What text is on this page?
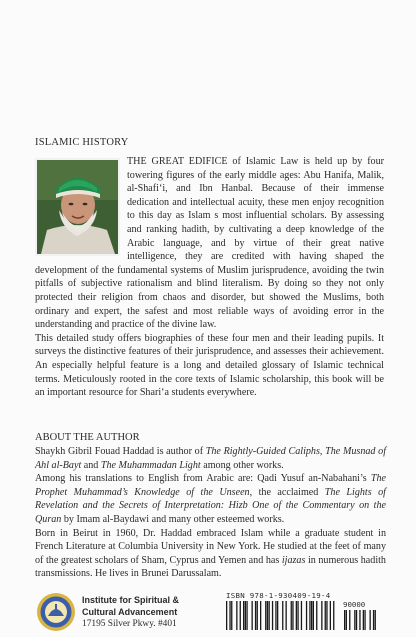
ISLAMIC HISTORY

THE GREAT EDIFICE of Islamic Law is held up by four towering figures of the early middle ages: Abu Hanifa, Malik, al-Shafi‘i, and Ibn Hanbal. Because of their immense dedication and intellectual acuity, these men enjoy recognition to this day as Islam s most influential scholars. By assessing and ranking hadith, by cultivating a deep knowledge of the Arabic language, and by virtue of their great native intelligence, they are credited with having shaped the development of the fundamental systems of Muslim jurisprudence, avoiding the twin pitfalls of subjective rationalism and blind literalism. By doing so they not only protected their religion from chaos and disorder, but showed the Muslims, both ordinary and expert, the safest and most reliable ways of avoiding error in the understanding and practice of the divine law.

This detailed study offers biographies of these four men and their leading pupils. It surveys the distinctive features of their jurisprudence, and assesses their achievement. An especially helpful feature is a long and detailed glossary of Islamic technical terms. Meticulously rooted in the core texts of Islamic scholarship, this book will be an important resource for Shari‘a students everywhere.

ABOUT THE AUTHOR

Shaykh Gibril Fouad Haddad is author of The Rightly-Guided Caliphs, The Musnad of Ahl al-Bayt and The Muhammadan Light among other works.

Among his translations to English from Arabic are: Qadi Yusuf an-Nabahani’s The Prophet Muhammad’s Knowledge of the Unseen, the acclaimed The Lights of Revelation and the Secrets of Interpretation: Hizb One of the Commentary on the Quran by Imam al-Baydawi and many other esteemed works.

Born in Beirut in 1960, Dr. Haddad embraced Islam while a graduate student in French Literature at Columbia University in New York. He studied at the feet of many of the greatest scholars of Sham, Cyprus and Yemen and has ijazas in numerous hadith transmissions. He lives in Brunei Darussalam.

Institute for Spiritual &
Cultural Advancement
17195 Silver Pkwy. #401
ISBN 978-1-930409-19-4
90000
